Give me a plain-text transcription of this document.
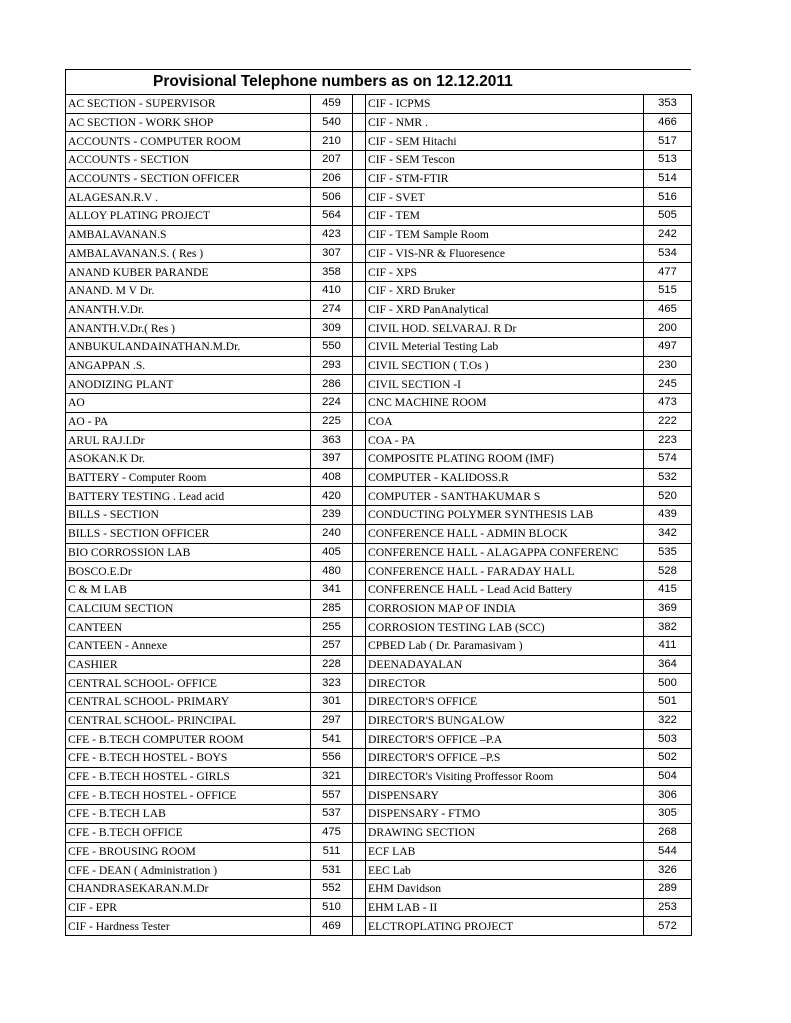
Provisional Telephone numbers as on 12.12.2011
AC SECTION - SUPERVISOR	459		CIF - ICPMS	353
AC SECTION - WORK SHOP	540		CIF - NMR .	466
ACCOUNTS - COMPUTER ROOM	210		CIF - SEM Hitachi	517
ACCOUNTS - SECTION	207		CIF - SEM Tescon	513
ACCOUNTS - SECTION OFFICER	206		CIF - STM-FTIR	514
ALAGESAN.R.V .	506		CIF - SVET	516
ALLOY PLATING PROJECT	564		CIF - TEM	505
AMBALAVANAN.S	423		CIF - TEM Sample Room	242
AMBALAVANAN.S. ( Res )	307		CIF - VIS-NR & Fluoresence	534
ANAND KUBER PARANDE	358		CIF - XPS	477
ANAND. M V Dr.	410		CIF - XRD Bruker	515
ANANTH.V.Dr.	274		CIF - XRD PanAnalytical	465
ANANTH.V.Dr.( Res )	309		CIVIL HOD. SELVARAJ. R Dr	200
ANBUKULANDAINATHAN.M.Dr.	550		CIVIL Meterial Testing Lab	497
ANGAPPAN .S.	293		CIVIL SECTION ( T.Os )	230
ANODIZING PLANT	286		CIVIL SECTION -I	245
AO	224		CNC MACHINE ROOM	473
AO - PA	225		COA	222
ARUL RAJ.I.Dr	363		COA - PA	223
ASOKAN.K Dr.	397		COMPOSITE PLATING ROOM (IMF)	574
BATTERY - Computer Room	408		COMPUTER - KALIDOSS.R	532
BATTERY TESTING . Lead acid	420		COMPUTER - SANTHAKUMAR S	520
BILLS - SECTION	239		CONDUCTING POLYMER SYNTHESIS LAB	439
BILLS - SECTION OFFICER	240		CONFERENCE HALL - ADMIN BLOCK	342
BIO CORROSSION LAB	405		CONFERENCE HALL - ALAGAPPA CONFERENC	535
BOSCO.E.Dr	480		CONFERENCE HALL - FARADAY HALL	528
C & M LAB	341		CONFERENCE HALL - Lead Acid Battery	415
CALCIUM SECTION	285		CORROSION MAP OF INDIA	369
CANTEEN	255		CORROSION TESTING LAB (SCC)	382
CANTEEN - Annexe	257		CPBED Lab ( Dr. Paramasivam )	411
CASHIER	228		DEENADAYALAN	364
CENTRAL SCHOOL- OFFICE	323		DIRECTOR	500
CENTRAL SCHOOL- PRIMARY	301		DIRECTOR'S OFFICE	501
CENTRAL SCHOOL- PRINCIPAL	297		DIRECTOR'S BUNGALOW	322
CFE - B.TECH COMPUTER ROOM	541		DIRECTOR'S OFFICE –P.A	503
CFE - B.TECH HOSTEL - BOYS	556		DIRECTOR'S OFFICE –P.S	502
CFE - B.TECH HOSTEL - GIRLS	321		DIRECTOR's Visiting Proffessor Room	504
CFE - B.TECH HOSTEL - OFFICE	557		DISPENSARY	306
CFE - B.TECH LAB	537		DISPENSARY - FTMO	305
CFE - B.TECH OFFICE	475		DRAWING SECTION	268
CFE - BROUSING ROOM	511		ECF LAB	544
CFE - DEAN ( Administration )	531		EEC Lab	326
CHANDRASEKARAN.M.Dr	552		EHM Davidson	289
CIF - EPR	510		EHM LAB - II	253
CIF - Hardness Tester	469		ELCTROPLATING PROJECT	572
